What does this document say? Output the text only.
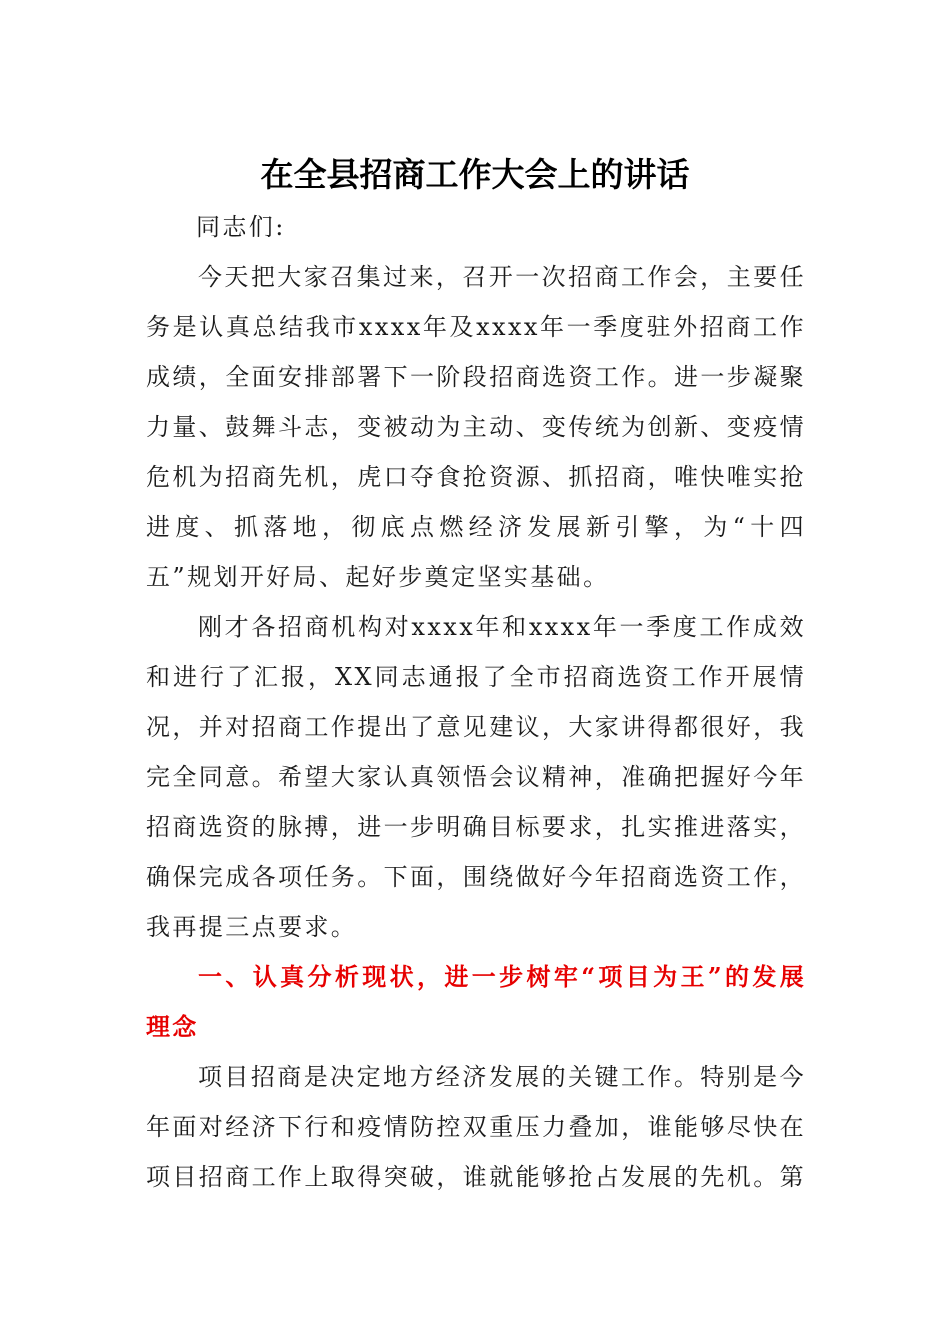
在全县招商工作大会上的讲话

同志们:

今天把大家召集过来，召开一次招商工作会，主要任务是认真总结我市xxxx年及xxxx年一季度驻外招商工作成绩，全面安排部署下一阶段招商选资工作。进一步凝聚力量、鼓舞斗志，变被动为主动、变传统为创新、变疫情危机为招商先机，虎口夺食抢资源、抓招商，唯快唯实抢进度、抓落地，彻底点燃经济发展新引擎，为“十四五”规划开好局、起好步奠定坚实基础。

刚才各招商机构对xxxx年和xxxx年一季度工作成效和进行了汇报，XX同志通报了全市招商选资工作开展情况，并对招商工作提出了意见建议，大家讲得都很好，我完全同意。希望大家认真领悟会议精神，准确把握好今年招商选资的脉搏，进一步明确目标要求，扎实推进落实，确保完成各项任务。下面，围绕做好今年招商选资工作，我再提三点要求。

一、认真分析现状，进一步树牢“项目为王”的发展理念

项目招商是决定地方经济发展的关键工作。特别是今年面对经济下行和疫情防控双重压力叠加，谁能够尽快在项目招商工作上取得突破，谁就能够抢占发展的先机。第
